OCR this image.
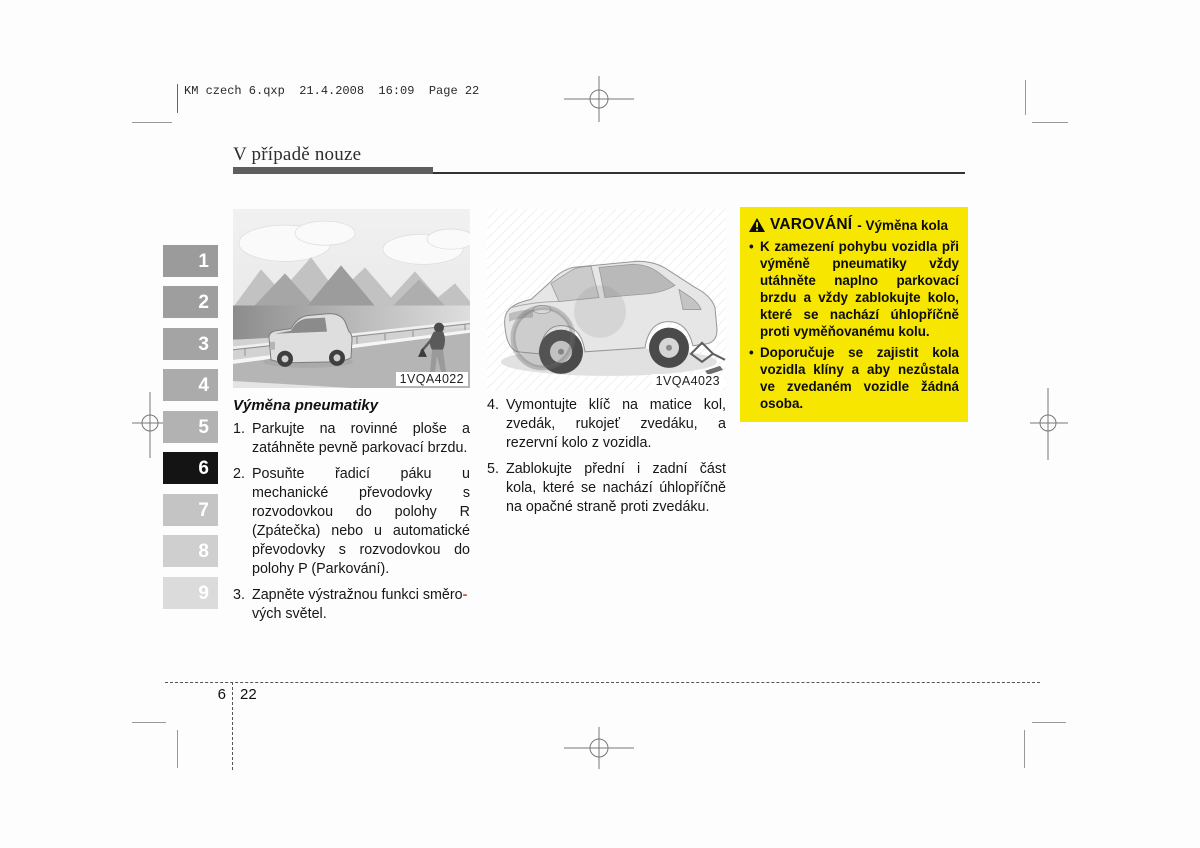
KM czech 6.qxp  21.4.2008  16:09  Page 22
V případě nouze
1
2
3
4
5
6
7
8
9
1VQA4022	1VQA4023
Výměna pneumatiky
1. Parkujte na rovinné ploše a zatáhněte pevně parkovací brzdu.
2. Posuňte řadicí páku u mechanické převodovky s rozvodovkou do polohy R (Zpátečka) nebo u automatické převodovky s rozvodovkou do polohy P (Parkování).
3. Zapněte výstražnou funkci směro-
vých světel.
4. Vymontujte klíč na matice kol, zvedák, rukojeť zvedáku, a rezervní kolo z vozidla.
5. Zablokujte přední i zadní část kola, které se nachází úhlopříčně na opačné straně proti zvedáku.
VAROVÁNÍ - Výměna kola
• K zamezení pohybu vozidla při výměně pneumatiky vždy utáhněte naplno parkovací brzdu a vždy zablokujte kolo, které se nachází úhlopříčně proti vyměňovanému kolu.
• Doporučuje se zajistit kola vozidla klíny a aby nezůstala ve zvedaném vozidle žádná osoba.
6 22
